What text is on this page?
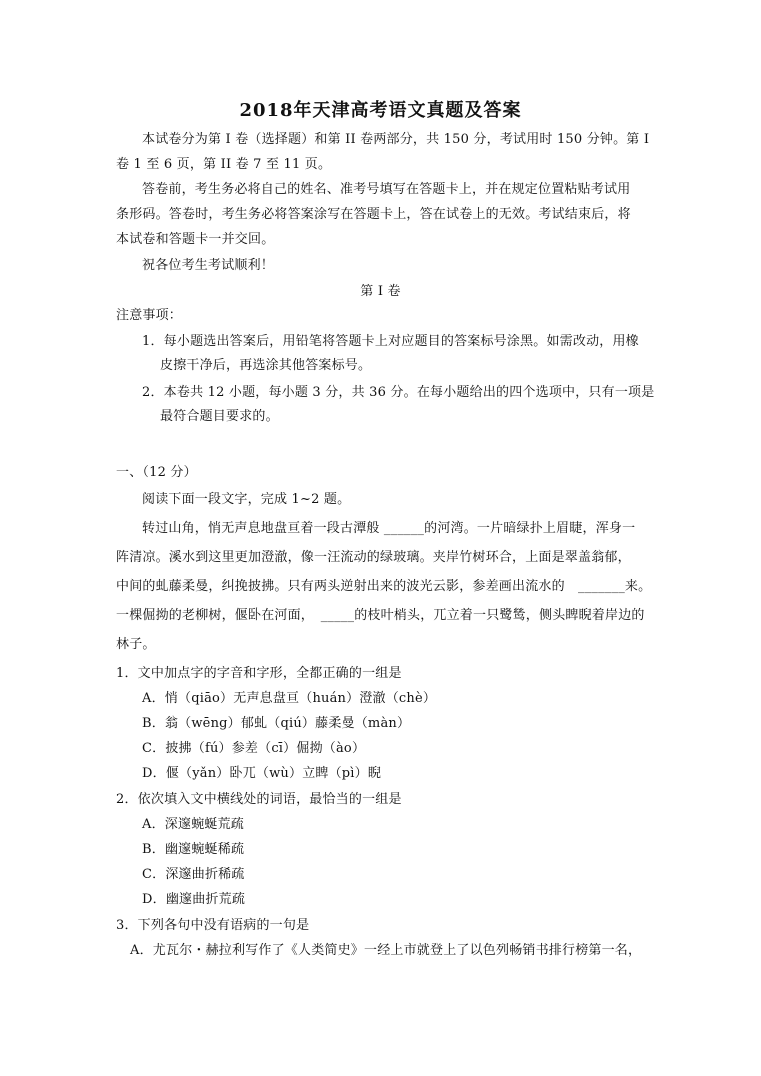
2018年天津高考语文真题及答案
本试卷分为第 I 卷（选择题）和第 II 卷两部分，共 150 分，考试用时 150 分钟。第 I
卷 1 至 6 页，第 II 卷 7 至 11 页。
答卷前，考生务必将自己的姓名、准考号填写在答题卡上，并在规定位置粘贴考试用
条形码。答卷时，考生务必将答案涂写在答题卡上，答在试卷上的无效。考试结束后，将
本试卷和答题卡一并交回。
祝各位考生考试顺利！
第 I 卷
注意事项：
1．每小题选出答案后，用铅笔将答题卡上对应题目的答案标号涂黑。如需改动，用橡
皮擦干净后，再选涂其他答案标号。
2．本卷共 12 小题，每小题 3 分，共 36 分。在每小题给出的四个选项中，只有一项是
最符合题目要求的。
一、（12 分）
阅读下面一段文字，完成 1~2 题。
转过山角，悄无声息地盘亘着一段古潭般 ______的河湾。一片暗绿扑上眉睫，浑身一
阵清凉。溪水到这里更加澄澈，像一汪流动的绿玻璃。夹岸竹树环合，上面是翠盖翁郁，
中间的虬藤柔曼，纠挽披拂。只有两头逆射出来的波光云影，参差画出流水的　_______来。
一棵倔拗的老柳树，偃卧在河面，　_____的枝叶梢头，兀立着一只鹭鸶，侧头睥睨着岸边的
林子。
1．文中加点字的字音和字形，全都正确的一组是
A．悄（qiāo）无声息盘亘（huán）澄澈（chè）
B．翁（wēng）郁虬（qiú）藤柔曼（màn）
C．披拂（fú）参差（cī）倔拗（ào）
D．偃（yǎn）卧兀（wù）立睥（pì）睨
2．依次填入文中横线处的词语，最恰当的一组是
A．深邃蜿蜒荒疏
B．幽邃蜿蜒稀疏
C．深邃曲折稀疏
D．幽邃曲折荒疏
3．下列各句中没有语病的一句是
A．尤瓦尔・赫拉利写作了《人类简史》一经上市就登上了以色列畅销书排行榜第一名，
